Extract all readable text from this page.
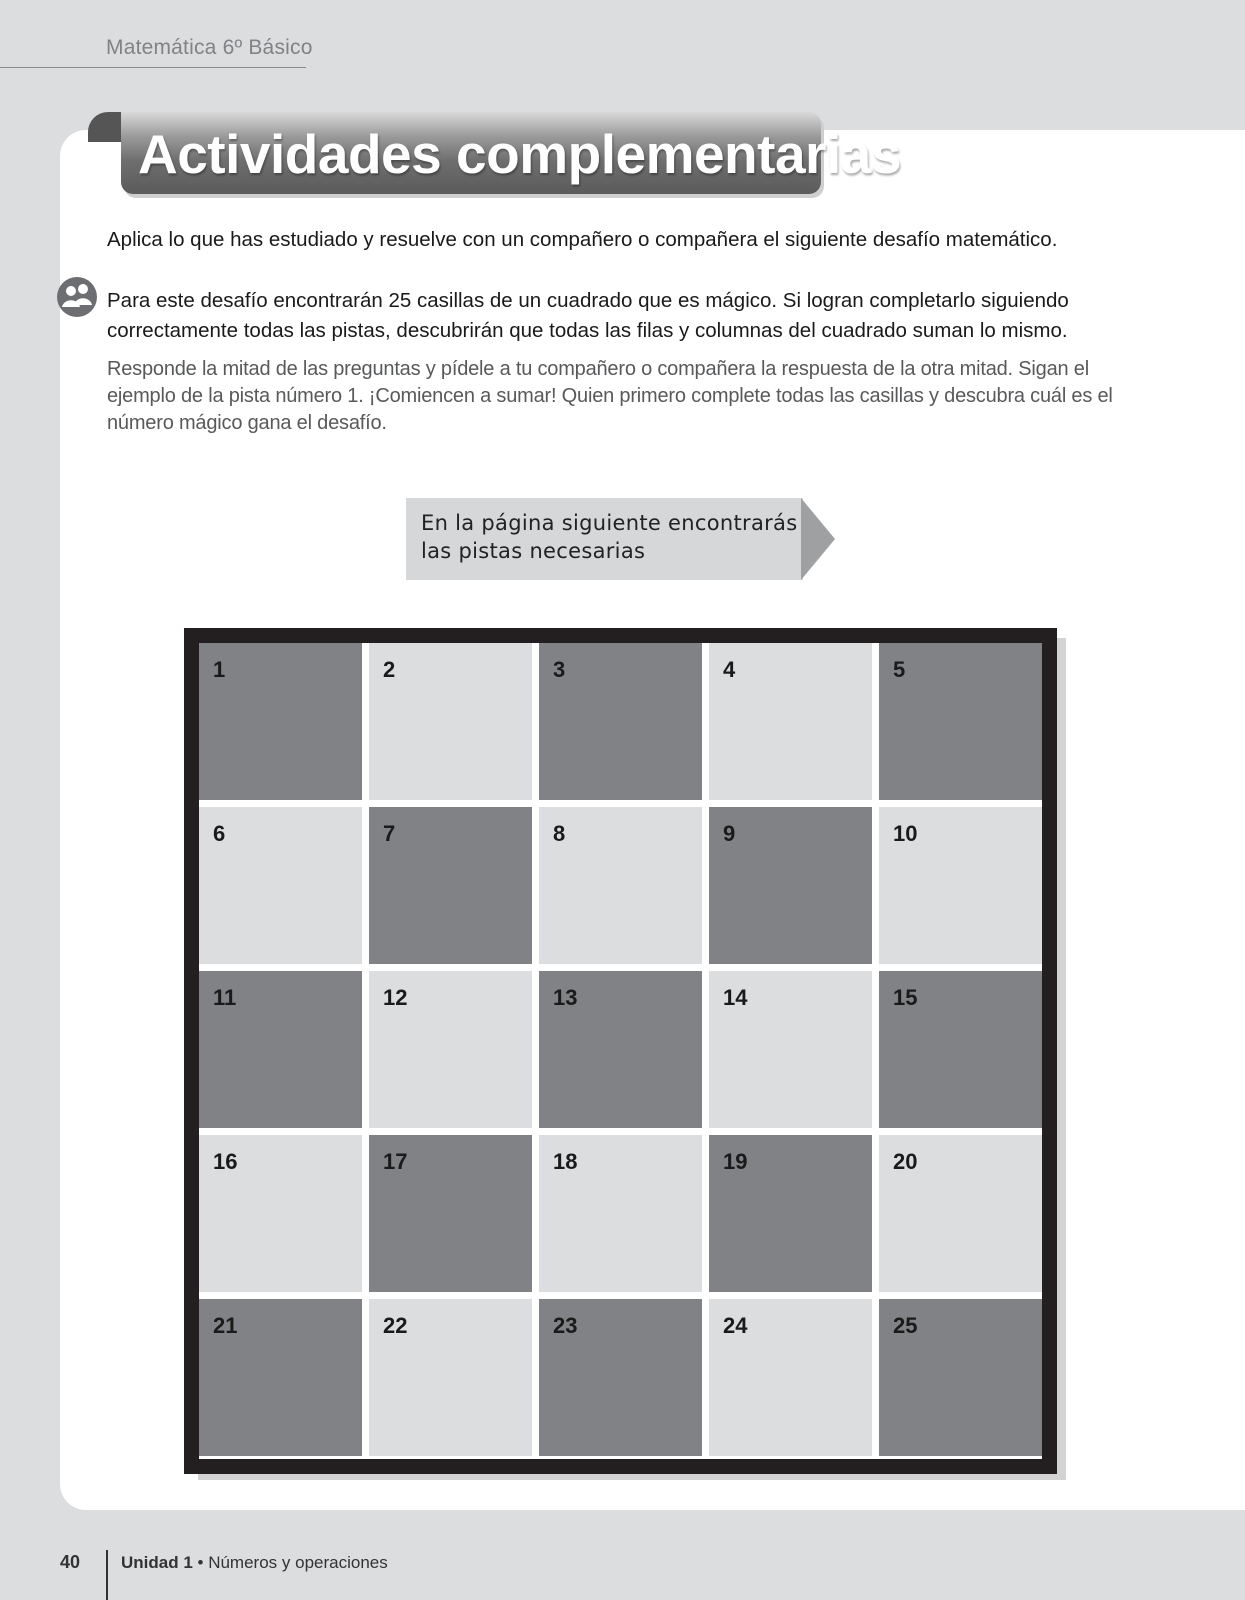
Matemática 6º Básico
Actividades complementarias
Aplica lo que has estudiado y resuelve con un compañero o compañera el siguiente desafío matemático.
Para este desafío encontrarán 25 casillas de un cuadrado que es mágico. Si logran completarlo siguiendo correctamente todas las pistas, descubrirán que todas las filas y columnas del cuadrado suman lo mismo.
Responde la mitad de las preguntas y pídele a tu compañero o compañera la respuesta de la otra mitad. Sigan el ejemplo de la pista número 1. ¡Comiencen a sumar! Quien primero complete todas las casillas y descubra cuál es el número mágico gana el desafío.
En la página siguiente encontrarás las pistas necesarias
1	2	3	4	5
6	7	8	9	10
11	12	13	14	15
16	17	18	19	20
21	22	23	24	25
40 Unidad 1 • Números y operaciones
